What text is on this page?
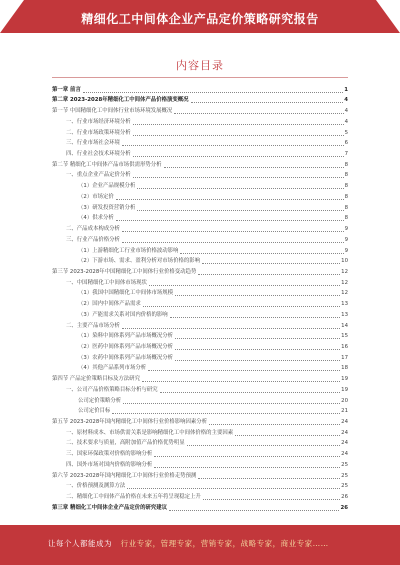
精细化工中间体企业产品定价策略研究报告
内容目录
第一章 前言	1
第二章 2023-2028年精细化工中间体产品价格演变概况	4
第一节 中国精细化工中间体行业市场环境发展概况	4
一、行业市场经济环境分析	4
二、行业市场政策环境分析	5
三、行业市场社会环境	6
四、行业社会技术环境分析	7
第二节 精细化工中间体产品市场供需形势分析	8
一、重点企业产品定价分析	8
（1）企业产品规模分析	8
（2）市场定价	8
（3）研发投资营销分析	8
（4）供求分析	8
二、产品成本构成分析	9
三、行业产品价格分析	9
（1）上游精细化工行业市场价格波动影响	9
（2）下游市场、需求、盈利分析对市场价格的影响	10
第三节 2023-2028年中国精细化工中间体行业价格变动趋势	12
一、中国精细化工中间体市场现状	12
（1）我国中国精细化工中间体市场规模	12
（2）国内中间体产品需求	13
（3）产能需求关系对国内价格的影响	13
二、主要产品市场分析	14
（1）染料中间体系列产品市场概况分析	15
（2）医药中间体系列产品市场概况分析	16
（3）农药中间体系列产品市场概况分析	17
（4）其他产品系列市场分析	18
第四节 产品定价策略目标及方法研究	19
一、公司产品价格策略目标分析与研究	19
公司定价策略分析	20
公司定价目标	21
第五节 2023-2028年国内精细化工中间体行业价格影响因素分析	24
一、原材料成本、市场供需关系是影响精细化工中间体价格的主要因素	24
二、技术要求与质量，高附加值产品价格优势明显	24
三、国家环保政策对价格的影响分析	24
四、国外市场对国内价格的影响分析	25
第六节 2023-2028年国内精细化工中间体行业价格走势预测	25
一、价格预测及测算方法	25
二、精细化工中间体产品价格在未来五年将呈现稳定上升	26
第三章 精细化工中间体企业产品定价的研究建议	26
让每个人都能成为 行业专家，管理专家，营销专家，战略专家，商业专家……
